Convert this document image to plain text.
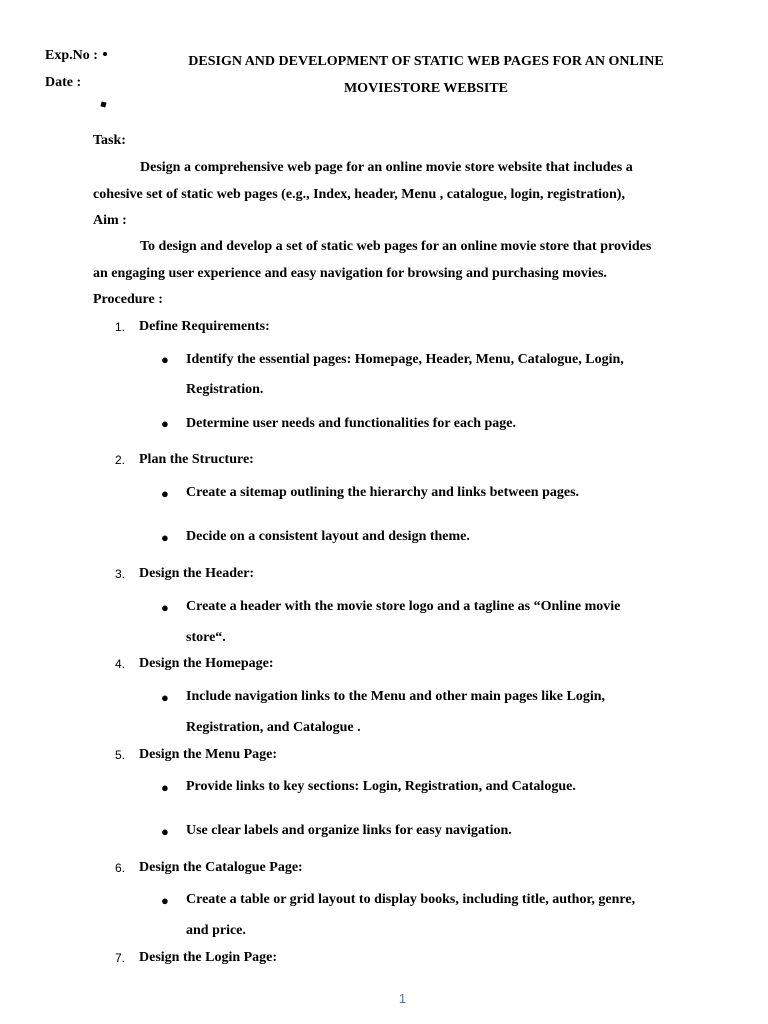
Exp.No :
Date :
DESIGN AND DEVELOPMENT OF STATIC WEB PAGES FOR AN ONLINE
MOVIESTORE WEBSITE
Task:
Design a comprehensive web page for an online movie store website that includes a
cohesive set of static web pages (e.g., Index, header, Menu , catalogue, login, registration),
Aim :
To design and develop a set of static web pages for an online movie store that provides
an engaging user experience and easy navigation for browsing and purchasing movies.
Procedure :
1. Define Requirements:
● Identify the essential pages: Homepage, Header, Menu, Catalogue, Login,
Registration.
● Determine user needs and functionalities for each page.
2. Plan the Structure:
● Create a sitemap outlining the hierarchy and links between pages.
● Decide on a consistent layout and design theme.
3. Design the Header:
● Create a header with the movie store logo and a tagline as “Online movie
store“.
4. Design the Homepage:
● Include navigation links to the Menu and other main pages like Login,
Registration, and Catalogue .
5. Design the Menu Page:
● Provide links to key sections: Login, Registration, and Catalogue.
● Use clear labels and organize links for easy navigation.
6. Design the Catalogue Page:
● Create a table or grid layout to display books, including title, author, genre,
and price.
7. Design the Login Page:
1
